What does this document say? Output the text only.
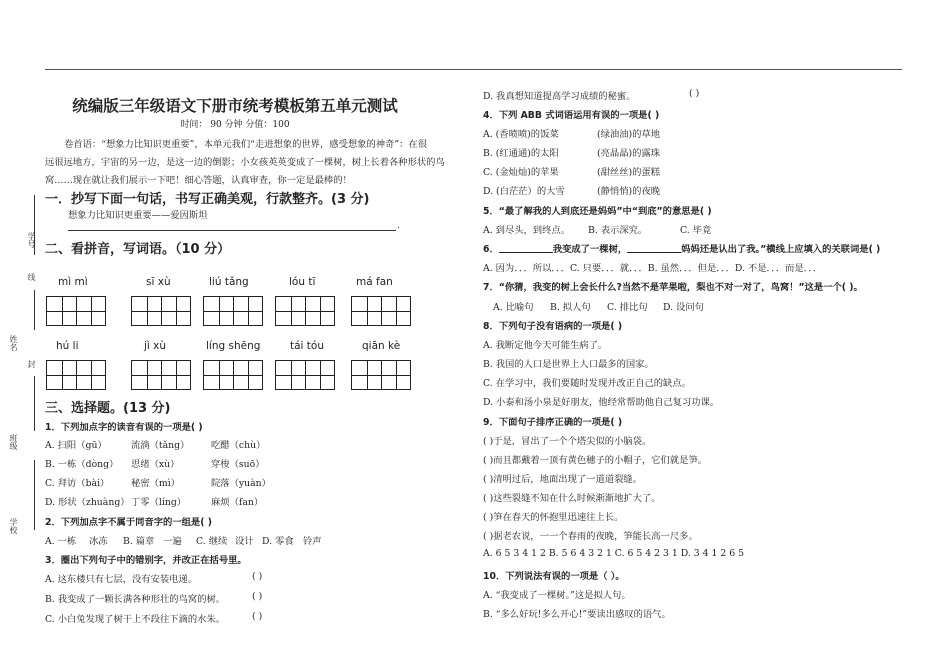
学号
线
姓名
封
班级
学校
统编版三年级语文下册市统考模板第五单元测试
时间： 90 分钟 分值：100
卷首语：“想象力比知识更重要”，本单元我们“走进想象的世界，感受想象的神奇”：在很
远很远地方，宇宙的另一边，是这一边的倒影；小女孩英英变成了一棵树，树上长着各种形状的鸟
窝……现在就让我们展示一下吧！细心答题，认真审查，你一定是最棒的！
一．抄写下面一句话，书写正确美观，行款整齐。(3 分)
想象力比知识更重要——爱因斯坦
.
二、看拼音，写词语。（10 分）
mì mì	sī xù	liú tǎng	lóu tī	má fan
hú li	jì xù	líng shēng	tái tóu	qiān kè
三、选择题。(13 分)
1．下列加点字的读音有误的一项是( )
A. 扫阳（gū）	流淌（tǎng） 吃醋（chù）
B. 一栋（dòng） 思绪（xù）	穿梭（suō）
C. 拜访（bài） 秘密（mì）	院落（yuàn）
D. 形状（zhuàng） 丁零（líng）	麻烦（fan）
2．下列加点字不属于同音字的一组是( )
A. 一栋 冰冻 B. 篇章 一遍 C. 继续 设计 D. 零食 铃声
3．圈出下列句子中的错别字，并改正在括号里。
A. 这东楼只有七层，没有安装电递。	( )
B. 我变成了一颗长满各种形壮的鸟窝的树。	( )
C. 小白兔发现了树干上不段往下滴的水朱。	( )
D. 我真想知道提高学习成绩的秘蜜。	( )
4．下列 ABB 式词语运用有误的一项是( )
A. (香喷喷)的饭菜	(绿油油)的草地
B. (红通通)的太阳	(亮晶晶)的露珠
C. (金灿灿)的苹果	(甜丝丝)的蛋糕
D. (白茫茫）的大雪	(静悄悄)的夜晚
5．“最了解我的人到底还是妈妈”中“到底”的意思是( )
A. 到尽头，到终点。 B. 表示深究。	C. 毕竟
6．	我变成了一棵树，	妈妈还是认出了我。”横线上应填入的关联词是( )
A. 因为．．．所以．．．C. 只要．．．就．．．B. 虽然．．．但是．．．D. 不是．．．而是．．．
7．“你猜，我变的树上会长什么?当然不是苹果啦，梨也不对一对了，鸟窝！”这是一个( )。
A. 比喻句 B. 拟人句 C. 排比句 D. 设问句
8．下列句子没有语病的一项是( )
A. 我断定他今天可能生病了。
B. 我国的人口是世界上人口最多的国家。
C. 在学习中，我们要随时发现并改正自己的缺点。
D. 小泰和汤小泉是好朋友，他经常帮助他自己复习功课。
9．下面句子排序正确的一项是( )
( )于是，冒出了一个个塔尖似的小脑袋。
( )而且都戴着一顶有黄色穗子的小帽子，它们就是笋。
( )清明过后，地面出现了一道道裂缝。
( )这些裂缝不知在什么时候渐渐地扩大了。
( )笋在春天的怀抱里迅速往上长。
( )据老农说，一一个春雨的夜晚，笋能长高一尺多。
A. 6 5 3 4 1 2 B. 5 6 4 3 2 1 C. 6 5 4 2 3 1 D. 3 4 1 2 6 5
10．下列说法有误的一项是（ ）。
A. “我变成了一棵树。”这是拟人句。
B. “多么好玩!多么开心!”要读出感叹的语气。
